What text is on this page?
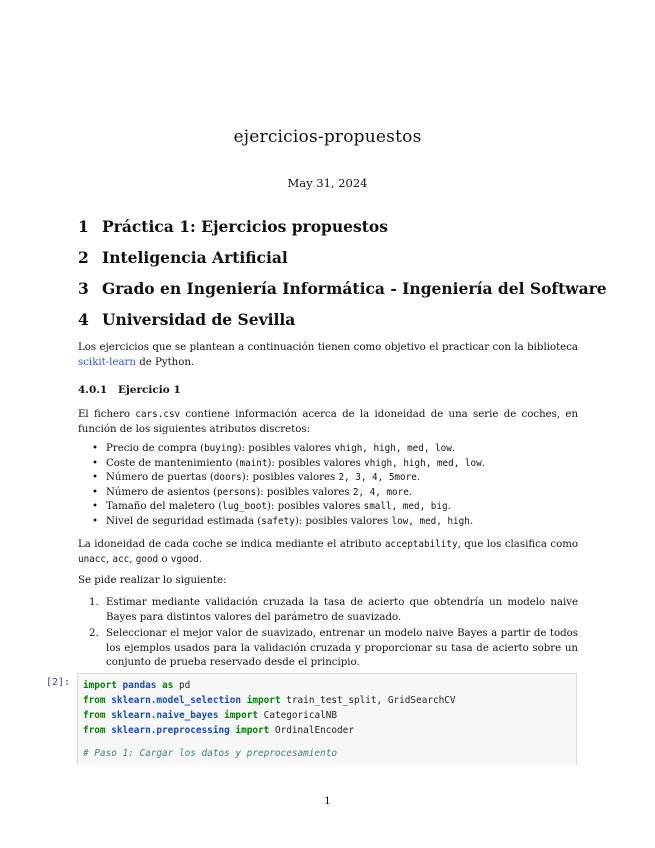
ejercicios-propuestos
May 31, 2024
1 Práctica 1: Ejercicios propuestos
2 Inteligencia Artificial
3 Grado en Ingeniería Informática - Ingeniería del Software
4 Universidad de Sevilla
Los ejercicios que se plantean a continuación tienen como objetivo el practicar con la biblioteca scikit-learn de Python.
4.0.1 Ejercicio 1
El fichero cars.csv contiene información acerca de la idoneidad de una serie de coches, en función de los siguientes atributos discretos:
• Precio de compra (buying): posibles valores vhigh, high, med, low.
• Coste de mantenimiento (maint): posibles valores vhigh, high, med, low.
• Número de puertas (doors): posibles valores 2, 3, 4, 5more.
• Número de asientos (persons): posibles valores 2, 4, more.
• Tamaño del maletero (lug_boot): posibles valores small, med, big.
• Nivel de seguridad estimada (safety): posibles valores low, med, high.
La idoneidad de cada coche se indica mediante el atributo acceptability, que los clasifica como unacc, acc, good o vgood.
Se pide realizar lo siguiente:
1. Estimar mediante validación cruzada la tasa de acierto que obtendría un modelo naive Bayes para distintos valores del parámetro de suavizado.
2. Seleccionar el mejor valor de suavizado, entrenar un modelo naive Bayes a partir de todos los ejemplos usados para la validación cruzada y proporcionar su tasa de acierto sobre un conjunto de prueba reservado desde el principio.
[2]: import pandas as pd
from sklearn.model_selection import train_test_split, GridSearchCV
from sklearn.naive_bayes import CategoricalNB
from sklearn.preprocessing import OrdinalEncoder
# Paso 1: Cargar los datos y preprocesamiento
1
